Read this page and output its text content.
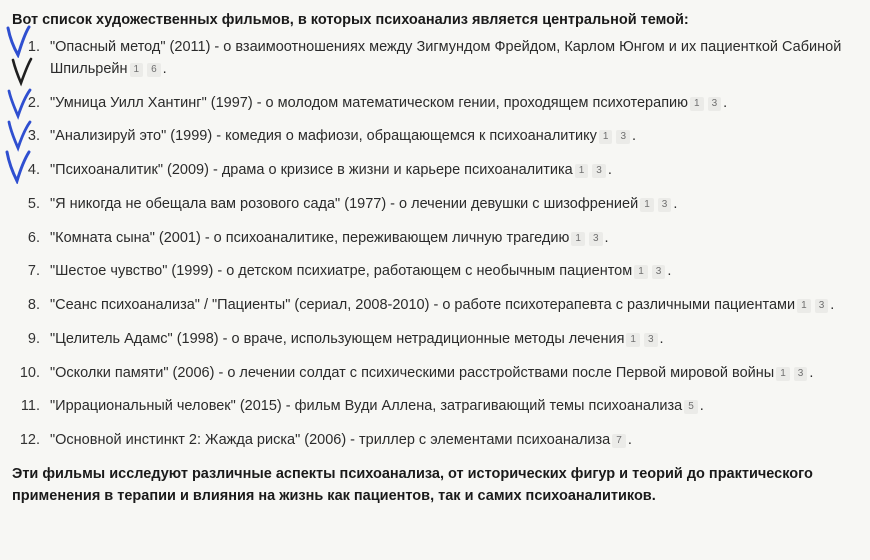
Вот список художественных фильмов, в которых психоанализ является центральной темой:
1. "Опасный метод" (2011) - о взаимоотношениях между Зигмундом Фрейдом, Карлом Юнгом и их пациенткой Сабиной Шпильрейн 1 6 .
2. "Умница Уилл Хантинг" (1997) - о молодом математическом гении, проходящем психотерапию 1 3 .
3. "Анализируй это" (1999) - комедия о мафиози, обращающемся к психоаналитику 1 3 .
4. "Психоаналитик" (2009) - драма о кризисе в жизни и карьере психоаналитика 1 3 .
5. "Я никогда не обещала вам розового сада" (1977) - о лечении девушки с шизофренией 1 3 .
6. "Комната сына" (2001) - о психоаналитике, переживающем личную трагедию 1 3 .
7. "Шестое чувство" (1999) - о детском психиатре, работающем с необычным пациентом 1 3 .
8. "Сеанс психоанализа" / "Пациенты" (сериал, 2008-2010) - о работе психотерапевта с различными пациентами 1 3 .
9. "Целитель Адамс" (1998) - о враче, использующем нетрадиционные методы лечения 1 3 .
10. "Осколки памяти" (2006) - о лечении солдат с психическими расстройствами после Первой мировой войны 1 3 .
11. "Иррациональный человек" (2015) - фильм Вуди Аллена, затрагивающий темы психоанализа 5 .
12. "Основной инстинкт 2: Жажда риска" (2006) - триллер с элементами психоанализа 7 .
Эти фильмы исследуют различные аспекты психоанализа, от исторических фигур и теорий до практического применения в терапии и влияния на жизнь как пациентов, так и самих психоаналитиков.
